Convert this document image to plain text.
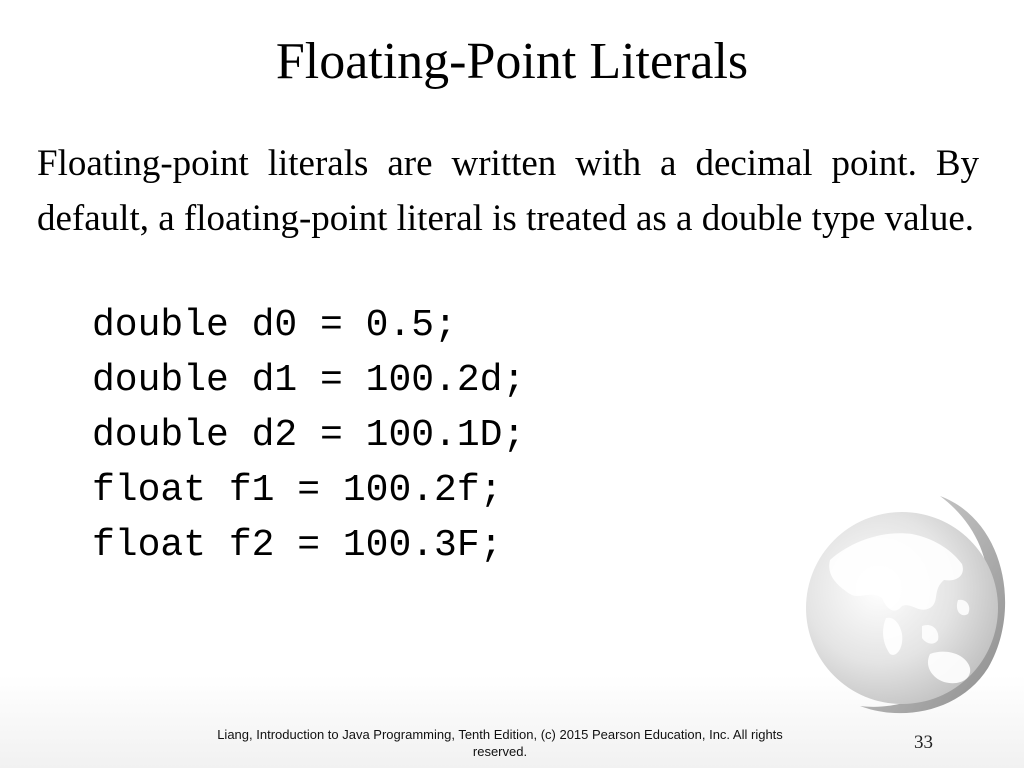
Floating-Point Literals
Floating-point literals are written with a decimal point. By default, a floating-point literal is treated as a double type value.
double d0 = 0.5;
double d1 = 100.2d;
double d2 = 100.1D;
float f1 = 100.2f;
float f2 = 100.3F;
Liang, Introduction to Java Programming, Tenth Edition, (c) 2015 Pearson Education, Inc. All rights reserved.	33
